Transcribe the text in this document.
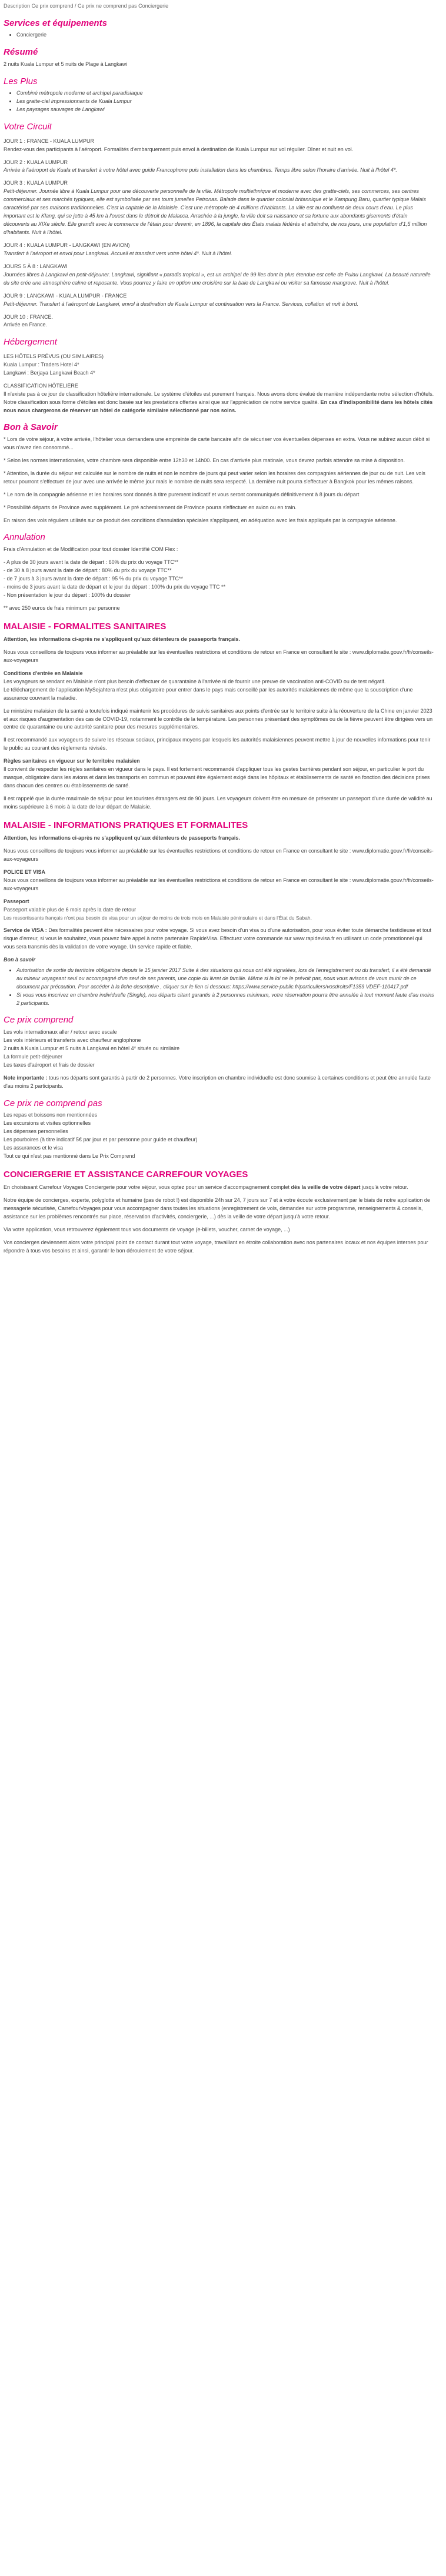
Description Ce prix comprend / Ce prix ne comprend pas Conciergerie
Services et équipements
• Conciergerie
Résumé

2 nuits Kuala Lumpur et 5 nuits de Plage à Langkawi

Les Plus
• Combiné métropole moderne et archipel paradisiaque
• Les gratte-ciel impressionnants de Kuala Lumpur
• Les paysages sauvages de Langkawi
Votre Circuit
JOUR 1 : FRANCE - KUALA LUMPUR

Rendez-vous des participants à l'aéroport. Formalités d'embarquement puis envol à destination de Kuala Lumpur sur vol régulier. Dîner et nuit en vol.

JOUR 2 : KUALA LUMPUR

Arrivée à l'aéroport de Kuala et transfert à votre hôtel avec guide Francophone puis installation dans les chambres. Temps libre selon l'horaire d'arrivée. Nuit à l'hôtel 4*.

JOUR 3 : KUALA LUMPUR

Petit-déjeuner. Journée libre à Kuala Lumpur pour une découverte personnelle de la ville. Métropole multiethnique et moderne avec des gratte-ciels, ses commerces, ses centres commerciaux et ses marchés typiques, elle est symbolisée par ses tours jumelles Petronas. Balade dans le quartier colonial britannique et le Kampung Baru, quartier typique Malais caractérisé par ses maisons traditionnelles. C'est la capitale de la Malaisie. C'est une métropole de 4 millions d'habitants. La ville est au confluent de deux cours d'eau. Le plus important est le Klang, qui se jette à 45 km à l'ouest dans le détroit de Malacca. Arrachée à la jungle, la ville doit sa naissance et sa fortune aux abondants gisements d'étain découverts au XIXe siècle. Elle grandit avec le commerce de l'étain pour devenir, en 1896, la capitale des États malais fédérés et atteindre, de nos jours, une population d'1,5 million d'habitants. Nuit à l'hôtel.

JOUR 4 : KUALA LUMPUR - LANGKAWI (EN AVION)

Transfert à l'aéroport et envol pour Langkawi. Accueil et transfert vers votre hôtel 4*. Nuit à l'hôtel.

JOURS 5 À 8 : LANGKAWI

Journées libres à Langkawi en petit-déjeuner. Langkawi, signifiant « paradis tropical », est un archipel de 99 îles dont la plus étendue est celle de Pulau Langkawi. La beauté naturelle du site crée une atmosphère calme et reposante. Vous pourrez y faire en option une croisière sur la baie de Langkawi ou visiter sa fameuse mangrove. Nuit à l'hôtel.

JOUR 9 : LANGKAWI - KUALA LUMPUR - FRANCE

Petit-déjeuner. Transfert à l'aéroport de Langkawi, envol à destination de Kuala Lumpur et continuation vers la France. Services, collation et nuit à bord.

JOUR 10 : FRANCE.

Arrivée en France.

Hébergement
LES HÔTELS PRÉVUS (OU SIMILAIRES)
Kuala Lumpur : Traders Hotel 4*

Langkawi : Berjaya Langkawi Beach 4*

CLASSIFICATION HÔTELIÈRE

Il n'existe pas à ce jour de classification hôtelière internationale. Le système d'étoiles est purement français. Nous avons donc évalué de manière indépendante notre sélection d'hôtels. Notre classification sous forme d'étoiles est donc basée sur les prestations offertes ainsi que sur l'appréciation de notre service qualité. En cas d'indisponibilité dans les hôtels cités nous nous chargerons de réserver un hôtel de catégorie similaire sélectionné par nos soins.

Bon à Savoir

* Lors de votre séjour, à votre arrivée, l'hôtelier vous demandera une empreinte de carte bancaire afin de sécuriser vos éventuelles dépenses en extra. Vous ne subirez aucun débit si vous n'avez rien consommé...

* Selon les normes internationales, votre chambre sera disponible entre 12h30 et 14h00. En cas d'arrivée plus matinale, vous devrez parfois attendre sa mise à disposition.

* Attention, la durée du séjour est calculée sur le nombre de nuits et non le nombre de jours qui peut varier selon les horaires des compagnies aériennes de jour ou de nuit. Les vols retour pourront s'effectuer de jour avec une arrivée le même jour mais le nombre de nuits sera respecté. La dernière nuit pourra s'effectuer à Bangkok pour les mêmes raisons.

* Le nom de la compagnie aérienne et les horaires sont donnés à titre purement indicatif et vous seront communiqués définitivement à 8 jours du départ

* Possibilité départs de Province avec supplément. Le pré acheminement de Province pourra s'effectuer en avion ou en train.

En raison des vols réguliers utilisés sur ce produit des conditions d'annulation spéciales s'appliquent, en adéquation avec les frais appliqués par la compagnie aérienne.

Annulation

Frais d'Annulation et de Modification pour tout dossier Identifié COM Flex :

- A plus de 30 jours avant la date de départ : 60% du prix du voyage TTC**
- de 30 à 8 jours avant la date de départ : 80% du prix du voyage TTC**
- de 7 jours à 3 jours avant la date de départ : 95 % du prix du voyage TTC**
- moins de 3 jours avant la date de départ et le jour du départ : 100% du prix du voyage TTC **

- Non présentation le jour du départ : 100% du dossier

** avec 250 euros de frais minimum par personne

MALAISIE - FORMALITES SANITAIRES

Attention, les informations ci-après ne s'appliquent qu'aux détenteurs de passeports français.

Nous vous conseillons de toujours vous informer au préalable sur les éventuelles restrictions et conditions de retour en France en consultant le site : www.diplomatie.gouv.fr/fr/conseils-aux-voyageurs

Conditions d'entrée en Malaisie
Les voyageurs se rendant en Malaisie n'ont plus besoin d'effectuer de quarantaine à l'arrivée ni de fournir une preuve de vaccination anti-COVID ou de test négatif.

Le téléchargement de l'application MySejahtera n'est plus obligatoire pour entrer dans le pays mais conseillé par les autorités malaisiennes de même que la souscription d'une assurance couvrant la maladie.

Le ministère malaisien de la santé a toutefois indiqué maintenir les procédures de suivis sanitaires aux points d'entrée sur le territoire suite à la réouverture de la Chine en janvier 2023 et aux risques d'augmentation des cas de COVID-19, notamment le contrôle de la température. Les personnes présentant des symptômes ou de la fièvre peuvent être dirigées vers un centre de quarantaine ou une autorité sanitaire pour des mesures supplémentaires.

Il est recommandé aux voyageurs de suivre les réseaux sociaux, principaux moyens par lesquels les autorités malaisiennes peuvent mettre à jour de nouvelles informations pour tenir le public au courant des règlements révisés.

Règles sanitaires en vigueur sur le territoire malaisien

Il convient de respecter les règles sanitaires en vigueur dans le pays. Il est fortement recommandé d'appliquer tous les gestes barrières pendant son séjour, en particulier le port du masque, obligatoire dans les avions et dans les transports en commun et pouvant être également exigé dans les hôpitaux et établissements de santé en fonction des décisions prises dans chacun des centres ou établissements de santé.

Il est rappelé que la durée maximale de séjour pour les touristes étrangers est de 90 jours. Les voyageurs doivent être en mesure de présenter un passeport d'une durée de validité au moins supérieure à 6 mois à la date de leur départ de Malaisie.

MALAISIE - INFORMATIONS PRATIQUES ET FORMALITES

Attention, les informations ci-après ne s'appliquent qu'aux détenteurs de passeports français.

Nous vous conseillons de toujours vous informer au préalable sur les éventuelles restrictions et conditions de retour en France en consultant le site : www.diplomatie.gouv.fr/fr/conseils-aux-voyageurs

POLICE ET VISA

Nous vous conseillons de toujours vous informer au préalable sur les éventuelles restrictions et conditions de retour en France en consultant le site : www.diplomatie.gouv.fr/fr/conseils-aux-voyageurs

Passeport
Passeport valable plus de 6 mois après la date de retour

Les ressortissants français n'ont pas besoin de visa pour un séjour de moins de trois mois en Malaisie péninsulaire et dans l'État du Sabah.

Service de VISA : Des formalités peuvent être nécessaires pour votre voyage. Si vous avez besoin d'un visa ou d'une autorisation, pour vous éviter toute démarche fastidieuse et tout risque d'erreur, si vous le souhaitez, vous pouvez faire appel à notre partenaire RapideVisa. Effectuez votre commande sur www.rapidevisa.fr en utilisant un code promotionnel qui vous sera transmis dès la validation de votre voyage. Un service rapide et fiable.

Bon à savoir
• Autorisation de sortie du territoire obligatoire depuis le 15 janvier 2017 Suite à des situations qui nous ont été signalées, lors de l'enregistrement ou du transfert, il a été demandé au mineur voyageant seul ou accompagné d'un seul de ses parents, une copie du livret de famille. Même si la loi ne le prévoit pas, nous vous avisons de vous munir de ce document par précaution. Pour accéder à la fiche descriptive , cliquer sur le lien ci dessous: https://www.service-public.fr/particuliers/vosdroits/F1359 VDEF-110417.pdf
• Si vous vous inscrivez en chambre individuelle (Single), nos départs citant garantis à 2 personnes minimum, votre réservation pourra être annulée à tout moment faute d'au moins 2 participants.
Ce prix comprend
Les vols internationaux aller / retour avec escale
Les vols intérieurs et transferts avec chauffeur anglophone
2 nuits à Kuala Lumpur et 5 nuits à Langkawi en hôtel 4* situés ou similaire
La formule petit-déjeuner

Les taxes d'aéroport et frais de dossier

Note importante : tous nos départs sont garantis à partir de 2 personnes. Votre inscription en chambre individuelle est donc soumise à certaines conditions et peut être annulée faute d'au moins 2 participants.

Ce prix ne comprend pas
Les repas et boissons non mentionnées
Les excursions et visites optionnelles
Les dépenses personnelles
Les pourboires (à titre indicatif 5€ par jour et par personne pour guide et chauffeur)
Les assurances et le visa

Tout ce qui n'est pas mentionné dans Le Prix Comprend

CONCIERGERIE ET ASSISTANCE CARREFOUR VOYAGES

En choisissant Carrefour Voyages Conciergerie pour votre séjour, vous optez pour un service d'accompagnement complet dès la veille de votre départ jusqu'à votre retour.

Notre équipe de concierges, experte, polyglotte et humaine (pas de robot !) est disponible 24h sur 24, 7 jours sur 7 et à votre écoute exclusivement par le biais de notre application de messagerie sécurisée, CarrefourVoyages pour vous accompagner dans toutes les situations (enregistrement de vols, demandes sur votre programme, renseignements & conseils, assistance sur les problèmes rencontrés sur place, réservation d'activités, conciergerie, ...) dès la veille de votre départ jusqu'à votre retour.

Via votre application, vous retrouverez également tous vos documents de voyage (e-billets, voucher, carnet de voyage, ...)

Vos concierges deviennent alors votre principal point de contact durant tout votre voyage, travaillant en étroite collaboration avec nos partenaires locaux et nos équipes internes pour répondre à tous vos besoins et ainsi, garantir le bon déroulement de votre séjour.
